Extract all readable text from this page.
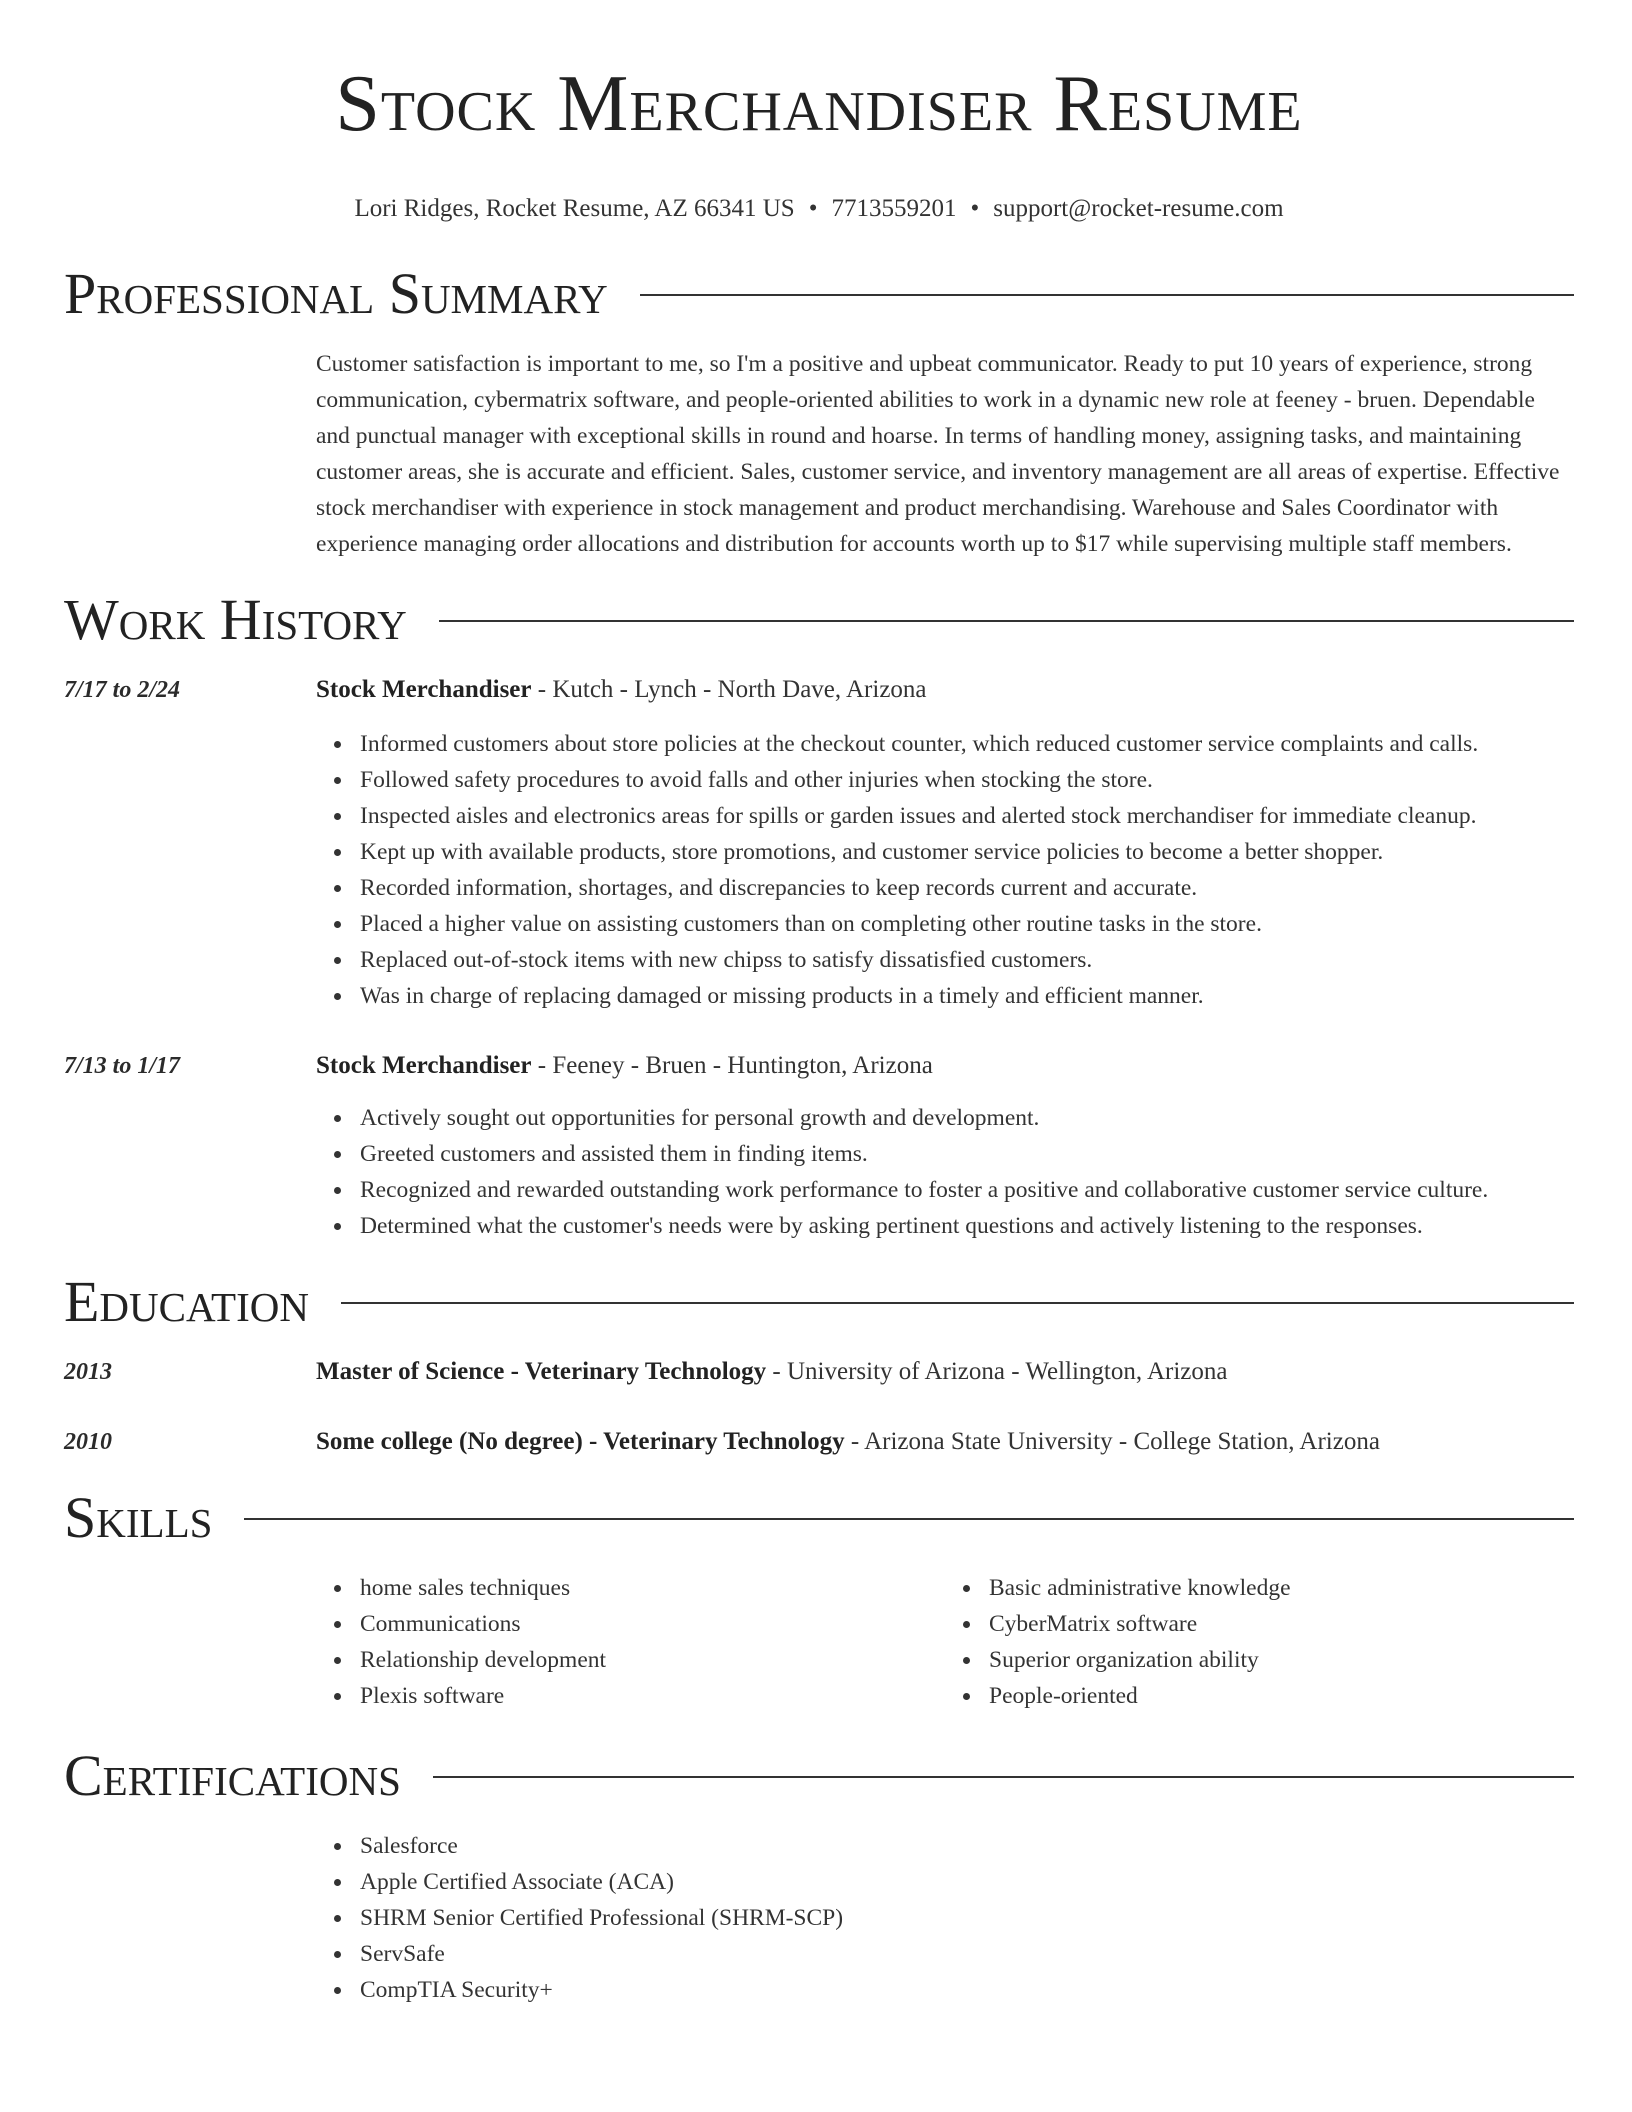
Stock Merchandiser Resume
Lori Ridges, Rocket Resume, AZ 66341 US • 7713559201 • support@rocket-resume.com
Professional Summary

Customer satisfaction is important to me, so I'm a positive and upbeat communicator. Ready to put 10 years of experience, strong communication, cybermatrix software, and people-oriented abilities to work in a dynamic new role at feeney - bruen. Dependable and punctual manager with exceptional skills in round and hoarse. In terms of handling money, assigning tasks, and maintaining customer areas, she is accurate and efficient. Sales, customer service, and inventory management are all areas of expertise. Effective stock merchandiser with experience in stock management and product merchandising. Warehouse and Sales Coordinator with experience managing order allocations and distribution for accounts worth up to $17 while supervising multiple staff members.

Work History
7/17 to 2/24	Stock Merchandiser - Kutch - Lynch - North Dave, Arizona
Informed customers about store policies at the checkout counter, which reduced customer service complaints and calls.
Followed safety procedures to avoid falls and other injuries when stocking the store.
Inspected aisles and electronics areas for spills or garden issues and alerted stock merchandiser for immediate cleanup.
Kept up with available products, store promotions, and customer service policies to become a better shopper.
Recorded information, shortages, and discrepancies to keep records current and accurate.
Placed a higher value on assisting customers than on completing other routine tasks in the store.
Replaced out-of-stock items with new chipss to satisfy dissatisfied customers.
Was in charge of replacing damaged or missing products in a timely and efficient manner.
7/13 to 1/17	Stock Merchandiser - Feeney - Bruen - Huntington, Arizona
Actively sought out opportunities for personal growth and development.
Greeted customers and assisted them in finding items.
Recognized and rewarded outstanding work performance to foster a positive and collaborative customer service culture.
Determined what the customer's needs were by asking pertinent questions and actively listening to the responses.
Education
2013	Master of Science - Veterinary Technology - University of Arizona - Wellington, Arizona
2010	Some college (No degree) - Veterinary Technology - Arizona State University - College Station, Arizona
Skills
home sales techniques
Communications
Relationship development
Plexis software
Basic administrative knowledge
CyberMatrix software
Superior organization ability
People-oriented
Certifications
Salesforce
Apple Certified Associate (ACA)
SHRM Senior Certified Professional (SHRM-SCP)
ServSafe
CompTIA Security+
